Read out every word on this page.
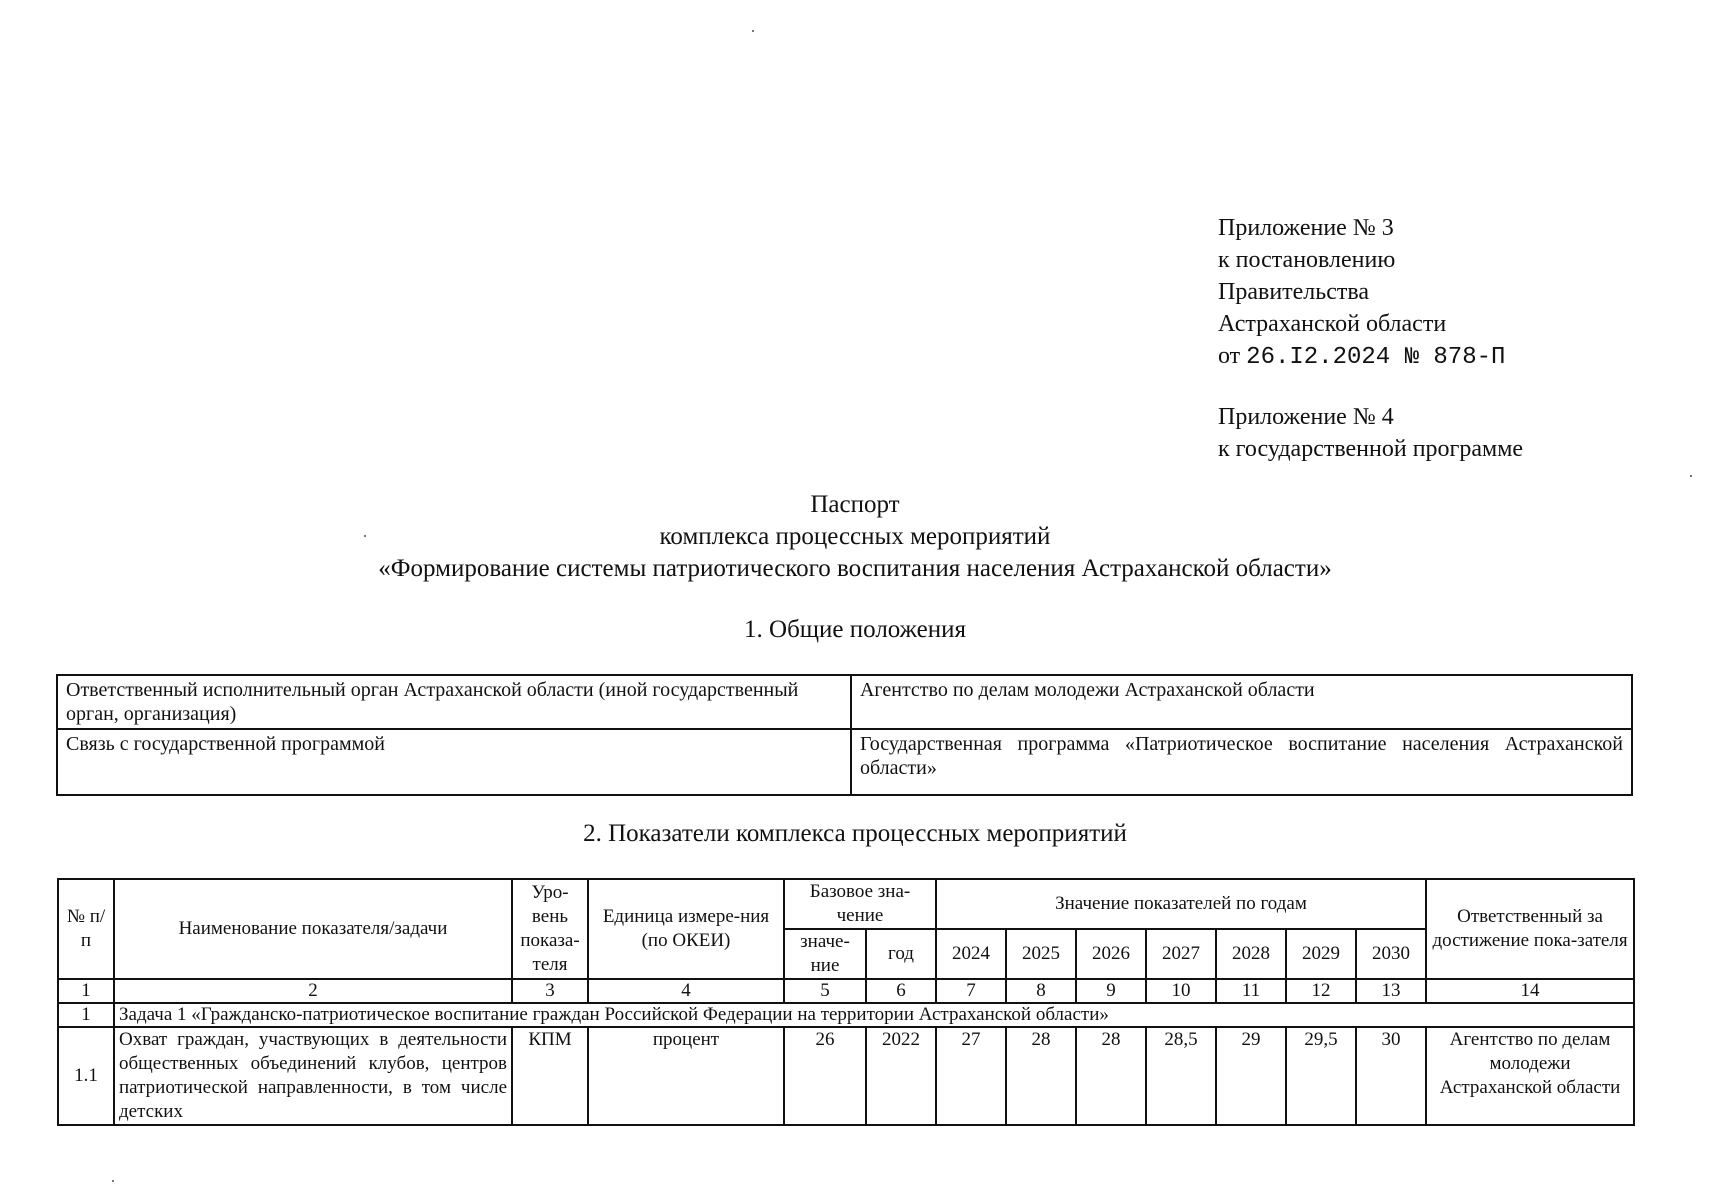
Приложение № 3
к постановлению
Правительства
Астраханской области
от 26.I2.2024 № 878-П
Приложение № 4
к государственной программе
Паспорт
комплекса процессных мероприятий
«Формирование системы патриотического воспитания населения Астраханской области»
1. Общие положения
Ответственный исполнительный орган Астраханской области (иной государственный орган, организация)	Агентство по делам молодежи Астраханской области
Связь с государственной программой	Государственная программа «Патриотическое воспитание населения Астраханской области»
2. Показатели комплекса процессных мероприятий
№ п/п	Наименование показателя/задачи	Уро-вень показа-теля	Единица измере-ния (по ОКЕИ)	Базовое зна-чение		Значение показателей по годам							Ответственный за достижение пока-зателя
				значе-ние	год	2024	2025	2026	2027	2028	2029	2030	
1	2	3	4	5	6	7	8	9	10	11	12	13	14
1	Задача 1 «Гражданско-патриотическое воспитание граждан Российской Федерации на территории Астраханской области»												
1.1	Охват граждан, участвующих в деятельности общественных объединений клубов, центров патриотической направленности, в том числе детских	КПМ	процент	26	2022	27	28	28	28,5	29	29,5	30	Агентство по делам молодежи Астраханской области
